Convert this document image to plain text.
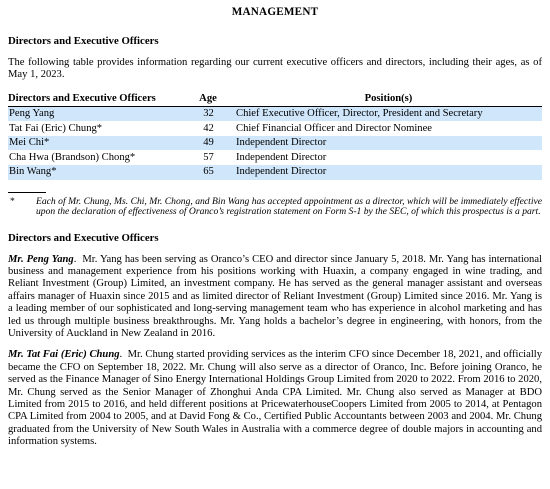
MANAGEMENT
Directors and Executive Officers

The following table provides information regarding our current executive officers and directors, including their ages, as of May 1, 2023.

Directors and Executive Officers		Age		Position(s)
Peng Yang		32		Chief Executive Officer, Director, President and Secretary
Tat Fai (Eric) Chung*		42		Chief Financial Officer and Director Nominee
Mei Chi*		49		Independent Director
Cha Hwa (Brandson) Chong*		57		Independent Director
Bin Wang*		65		Independent Director
*	Each of Mr. Chung, Ms. Chi, Mr. Chong, and Bin Wang has accepted appointment as a director, which will be immediately effective upon the declaration of effectiveness of Oranco’s registration statement on Form S-1 by the SEC, of which this prospectus is a part.
Directors and Executive Officers

Mr. Peng Yang.  Mr. Yang has been serving as Oranco’s CEO and director since January 5, 2018. Mr. Yang has international business and management experience from his positions working with Huaxin, a company engaged in wine trading, and Reliant Investment (Group) Limited, an investment company. He has served as the general manager assistant and overseas affairs manager of Huaxin since 2015 and as limited director of Reliant Investment (Group) Limited since 2016. Mr. Yang is a leading member of our sophisticated and long-serving management team who has experience in alcohol marketing and has led us through multiple business breakthroughs. Mr. Yang holds a bachelor’s degree in engineering, with honors, from the University of Auckland in New Zealand in 2016.

Mr. Tat Fai (Eric) Chung.  Mr. Chung started providing services as the interim CFO since December 18, 2021, and officially became the CFO on September 18, 2022. Mr. Chung will also serve as a director of Oranco, Inc. Before joining Oranco, he served as the Finance Manager of Sino Energy International Holdings Group Limited from 2020 to 2022. From 2016 to 2020, Mr. Chung served as the Senior Manager of Zhonghui Anda CPA Limited. Mr. Chung also served as Manager at BDO Limited from 2015 to 2016, and held different positions at PricewaterhouseCoopers Limited from 2005 to 2014, at Pentagon CPA Limited from 2004 to 2005, and at David Fong & Co., Certified Public Accountants between 2003 and 2004. Mr. Chung graduated from the University of New South Wales in Australia with a commerce degree of double majors in accounting and information systems.
